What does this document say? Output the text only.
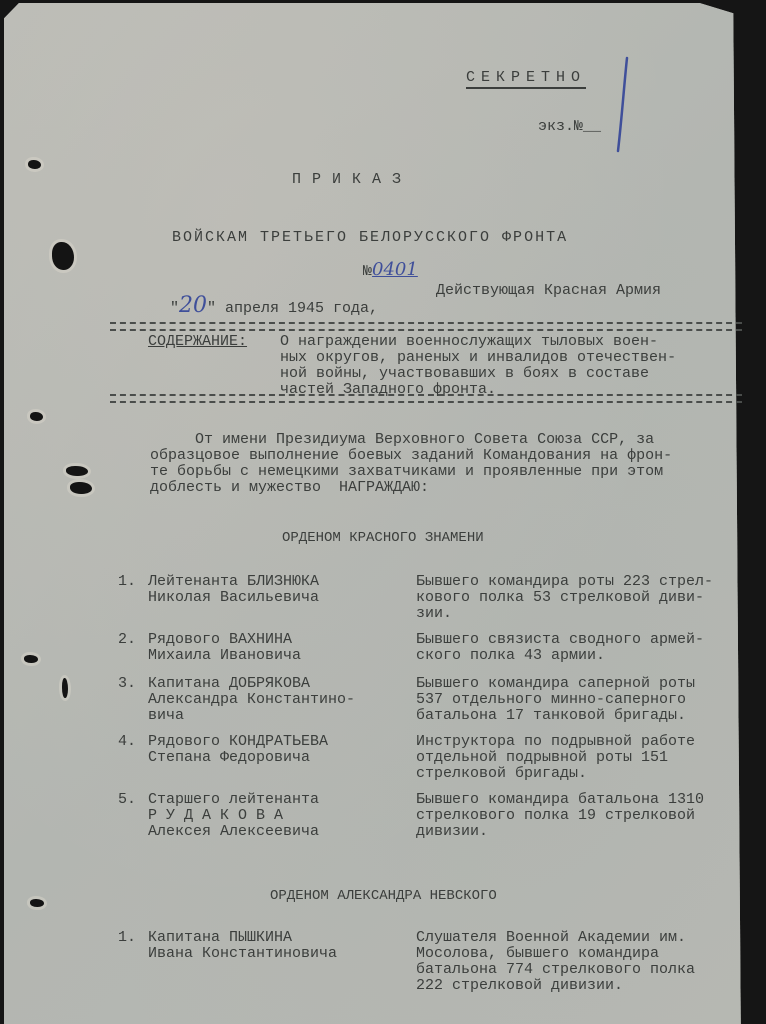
СЕКРЕТНО

экз.№__

ПРИКАЗ

ВОЙСКАМ ТРЕТЬЕГО БЕЛОРУССКОГО ФРОНТА

№0401

"20" апреля 1945 года,

Действующая Красная Армия
СОДЕРЖАНИЕ: О награждении военнослужащих тыловых воен-
ных округов, раненых и инвалидов отечествен-
ной войны, участвовавших в боях в составе
частей Западного фронта.
От имени Президиума Верховного Совета Союза ССР, за
образцовое выполнение боевых заданий Командования на фрон-
те борьбы с немецкими захватчиками и проявленные при этом
доблесть и мужество  НАГРАЖДАЮ:
ОРДЕНОМ КРАСНОГО ЗНАМЕНИ
1. Лейтенанта БЛИЗНЮКА
Николая Васильевича
Бывшего командира роты 223 стрел-
кового полка 53 стрелковой диви-
зии.
2. Рядового ВАХНИНА
Михаила Ивановича
Бывшего связиста сводного армей-
ского полка 43 армии.
3. Капитана ДОБРЯКОВА
Александра Константино-
вича
Бывшего командира саперной роты
537 отдельного минно-саперного
батальона 17 танковой бригады.
4. Рядового КОНДРАТЬЕВА
Степана Федоровича
Инструктора по подрывной работе
отдельной подрывной роты 151
стрелковой бригады.
5. Старшего лейтенанта
Р У Д А К О В А
Алексея Алексеевича
Бывшего командира батальона 1310
стрелкового полка 19 стрелковой
дивизии.
ОРДЕНОМ АЛЕКСАНДРА НЕВСКОГО
1. Капитана ПЫШКИНА
Ивана Константиновича
Слушателя Военной Академии им.
Мосолова, бывшего командира
батальона 774 стрелкового полка
222 стрелковой дивизии.
